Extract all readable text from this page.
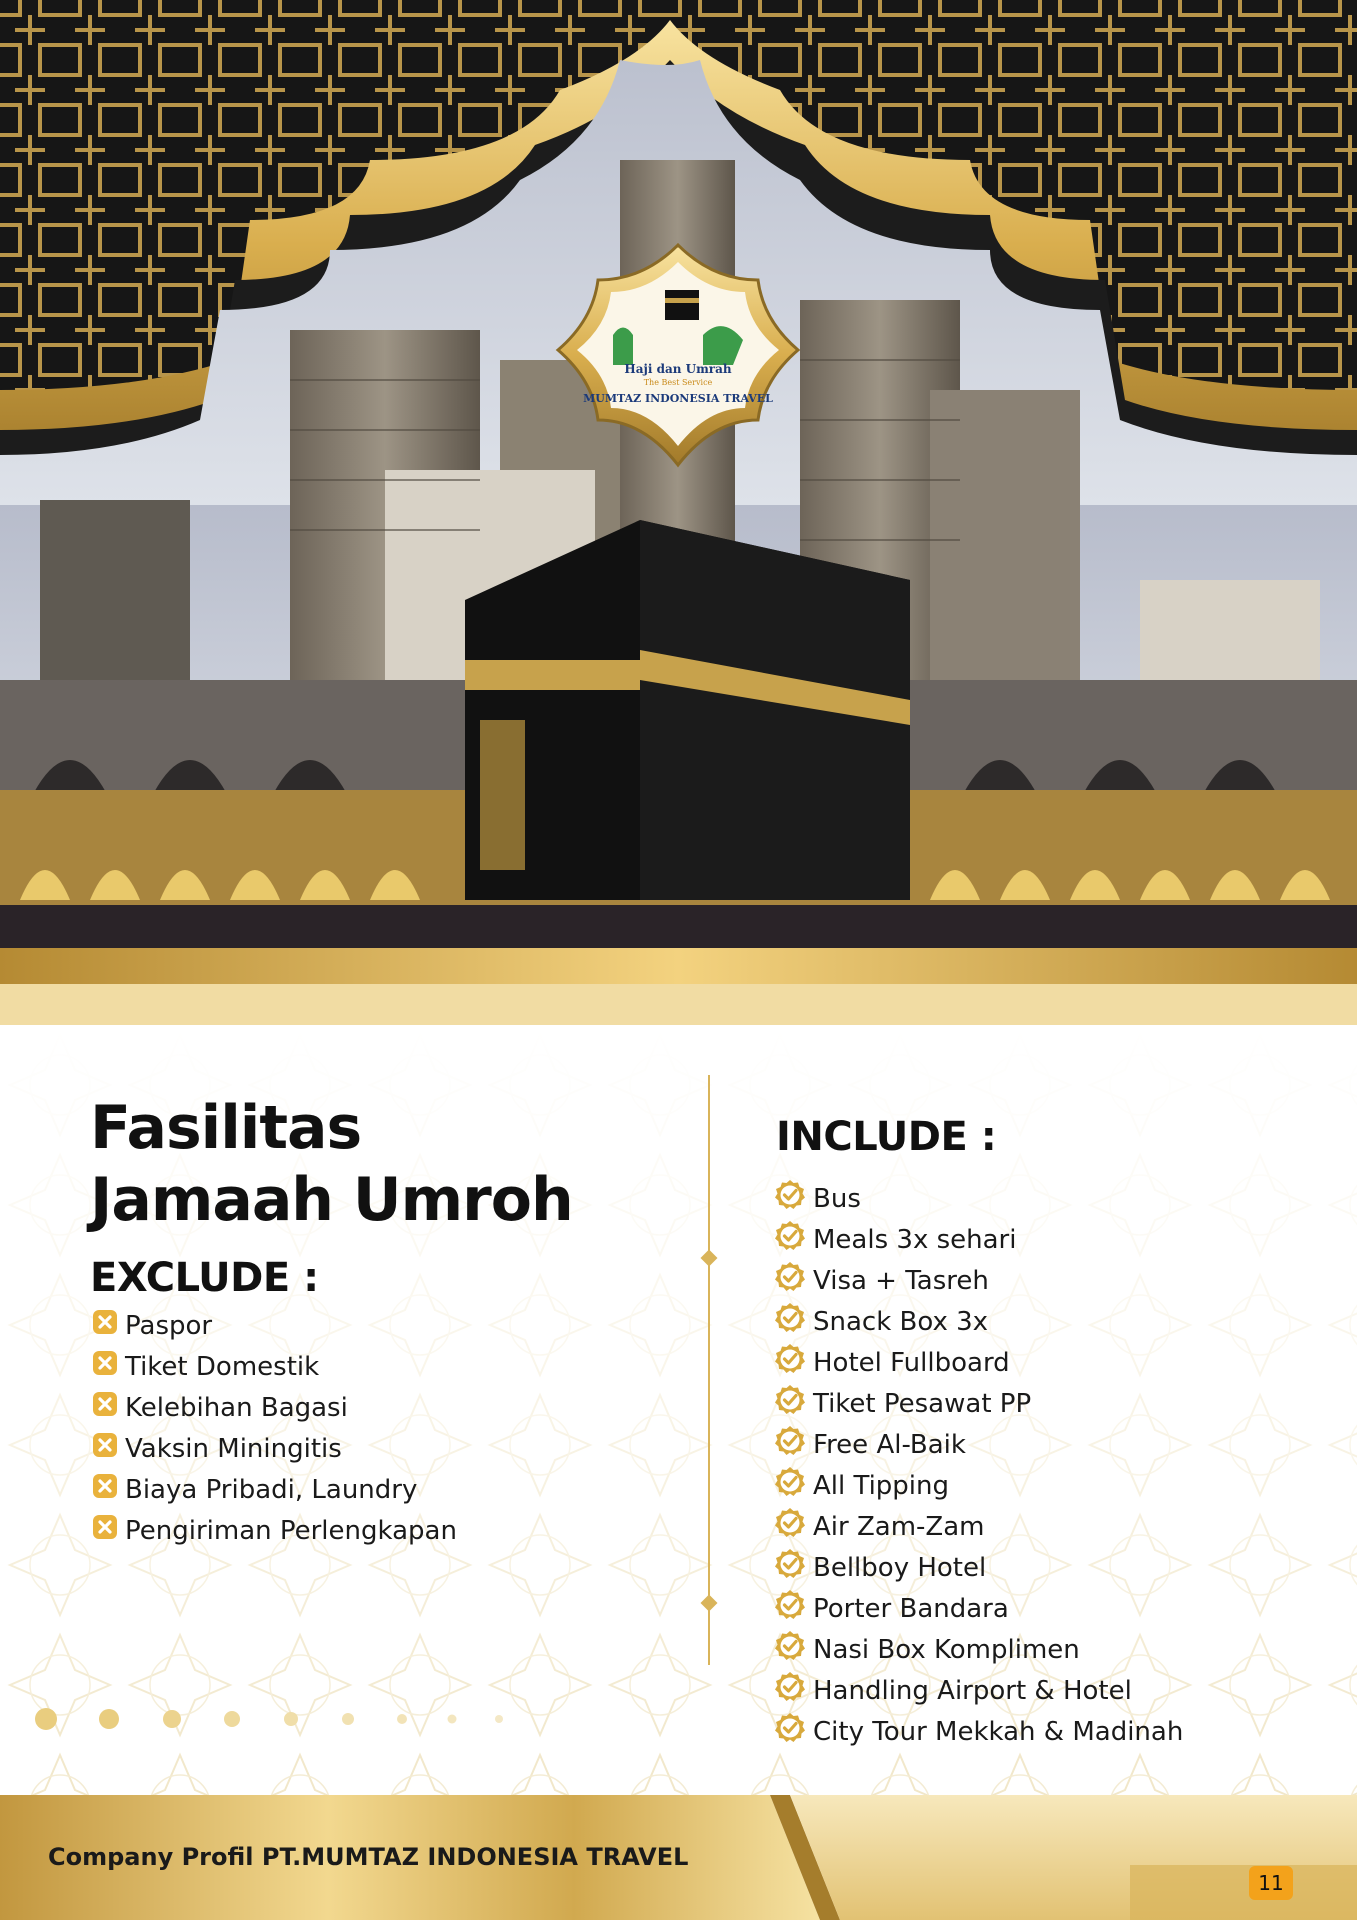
Haji dan Umrah
The Best Service
MUMTAZ INDONESIA TRAVEL
Fasilitas
Jamaah Umroh
EXCLUDE :
Paspor
Tiket Domestik
Kelebihan Bagasi
Vaksin Miningitis
Biaya Pribadi, Laundry
Pengiriman Perlengkapan
INCLUDE :
Bus
Meals 3x sehari
Visa + Tasreh
Snack Box 3x
Hotel Fullboard
Tiket Pesawat PP
Free Al-Baik
All Tipping
Air Zam-Zam
Bellboy Hotel
Porter Bandara
Nasi Box Komplimen
Handling Airport & Hotel
City Tour Mekkah & Madinah
Company Profil PT.MUMTAZ INDONESIA TRAVEL
11
